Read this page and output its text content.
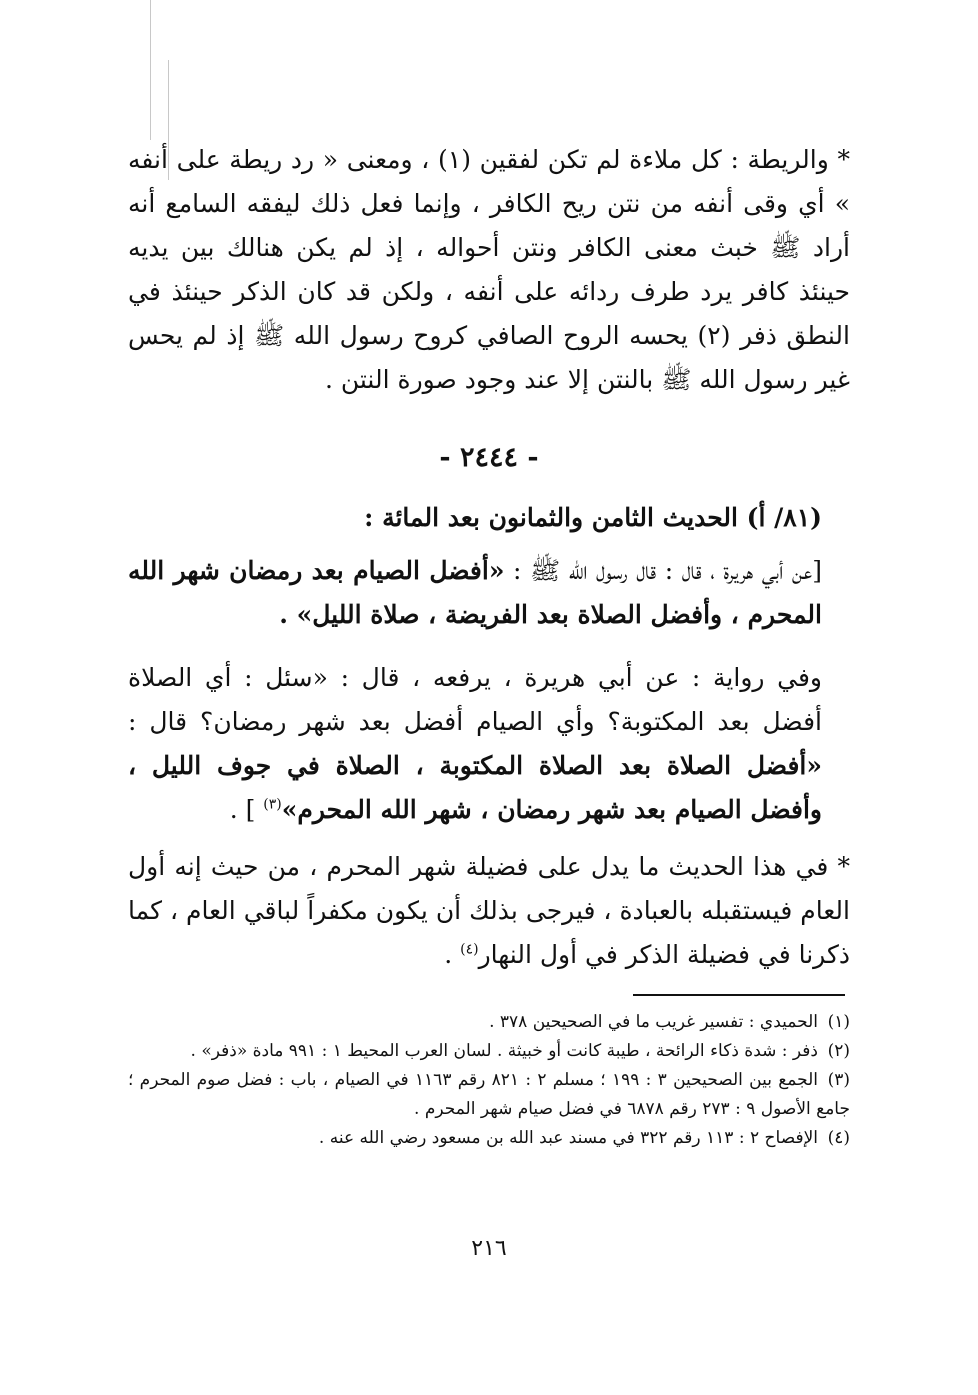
* والريطة : كل ملاءة لم تكن لفقين (١) ، ومعنى « رد ريطة على أنفه » أي وقى أنفه من نتن ريح الكافر ، وإنما فعل ذلك ليفقه السامع أنه أراد ﷺ خبث معنى الكافر ونتن أحواله ، إذ لم يكن هنالك بين يديه حينئذ كافر يرد طرف ردائه على أنفه ، ولكن قد كان الذكر حينئذ في النطق ذفر (٢) يحسه الروح الصافي كروح رسول الله ﷺ إذ لم يحس غير رسول الله ﷺ بالنتن إلا عند وجود صورة النتن .

- ٢٤٤٤ -

(٨١/ أ) الحديث الثامن والثمانون بعد المائة :

[عن أبي هريرة ، قال : قال رسول الله ﷺ : «أفضل الصيام بعد رمضان شهر الله المحرم ، وأفضل الصلاة بعد الفريضة ، صلاة الليل» .

وفي رواية : عن أبي هريرة ، يرفعه ، قال : «سئل : أي الصلاة أفضل بعد المكتوبة؟ وأي الصيام أفضل بعد شهر رمضان؟ قال : «أفضل الصلاة بعد الصلاة المكتوبة ، الصلاة في جوف الليل ، وأفضل الصيام بعد شهر رمضان ، شهر الله المحرم»$^{(٣)}$ ] .

* في هذا الحديث ما يدل على فضيلة شهر المحرم ، من حيث إنه أول العام فيستقبله بالعبادة ، فيرجى بذلك أن يكون مكفراً لباقي العام ، كما ذكرنا في فضيلة الذكر في أول النهار$^{(٤)}$ .

(١)الحميدي : تفسير غريب ما في الصحيحين ٣٧٨ .

(٢)ذفر : شدة ذكاء الرائحة ، طيبة كانت أو خبيثة . لسان العرب المحيط ١ : ٩٩١ مادة «ذفر» .

(٣)الجمع بين الصحيحين ٣ : ١٩٩ ؛ مسلم ٢ : ٨٢١ رقم ١١٦٣ في الصيام ، باب : فضل صوم المحرم ؛ جامع الأصول ٩ : ٢٧٣ رقم ٦٨٧٨ في فضل صيام شهر المحرم .

(٤)الإفصاح ٢ : ١١٣ رقم ٣٢٢ في مسند عبد الله بن مسعود رضي الله عنه .

٢١٦
